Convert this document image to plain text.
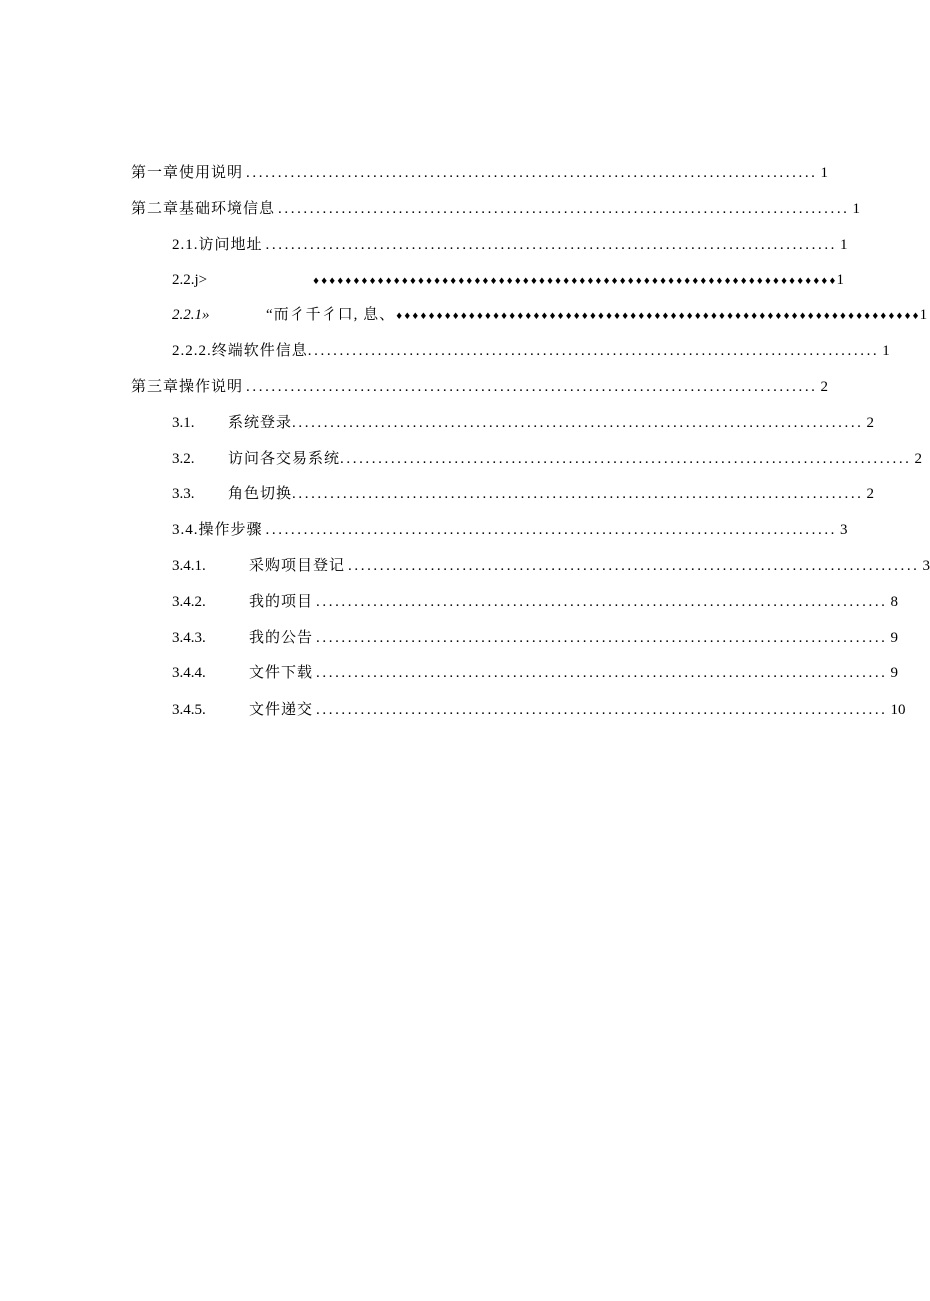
第一章使用说明 .......................................................................................... 1
第二章基础环境信息 .......................................................................................... 1
2.1.访问地址 .......................................................................................... 1
2.2.j>	♦♦♦♦♦♦♦♦♦♦♦♦♦♦♦♦♦♦♦♦♦♦♦♦♦♦♦♦♦♦♦♦♦♦♦♦♦♦♦♦♦♦♦♦♦♦♦♦♦♦♦♦♦♦♦♦♦♦♦♦♦♦♦♦♦ 1
2.2.1»	“而彳千彳口, 息、 ♦♦♦♦♦♦♦♦♦♦♦♦♦♦♦♦♦♦♦♦♦♦♦♦♦♦♦♦♦♦♦♦♦♦♦♦♦♦♦♦♦♦♦♦♦♦♦♦♦♦♦♦♦♦♦♦♦♦♦♦♦♦♦♦♦ 1
2.2.2.终端软件信息 .......................................................................................... 1
第三章操作说明 .......................................................................................... 2
3.1.	系统登录 .......................................................................................... 2
3.2.	访问各交易系统 .......................................................................................... 2
3.3.	角色切换 .......................................................................................... 2
3.4.操作步骤 .......................................................................................... 3
3.4.1.	采购项目登记 .......................................................................................... 3
3.4.2.	我的项目 .......................................................................................... 8
3.4.3.	我的公告 .......................................................................................... 9
3.4.4.	文件下载 .......................................................................................... 9
3.4.5.	文件递交 .......................................................................................... 10
